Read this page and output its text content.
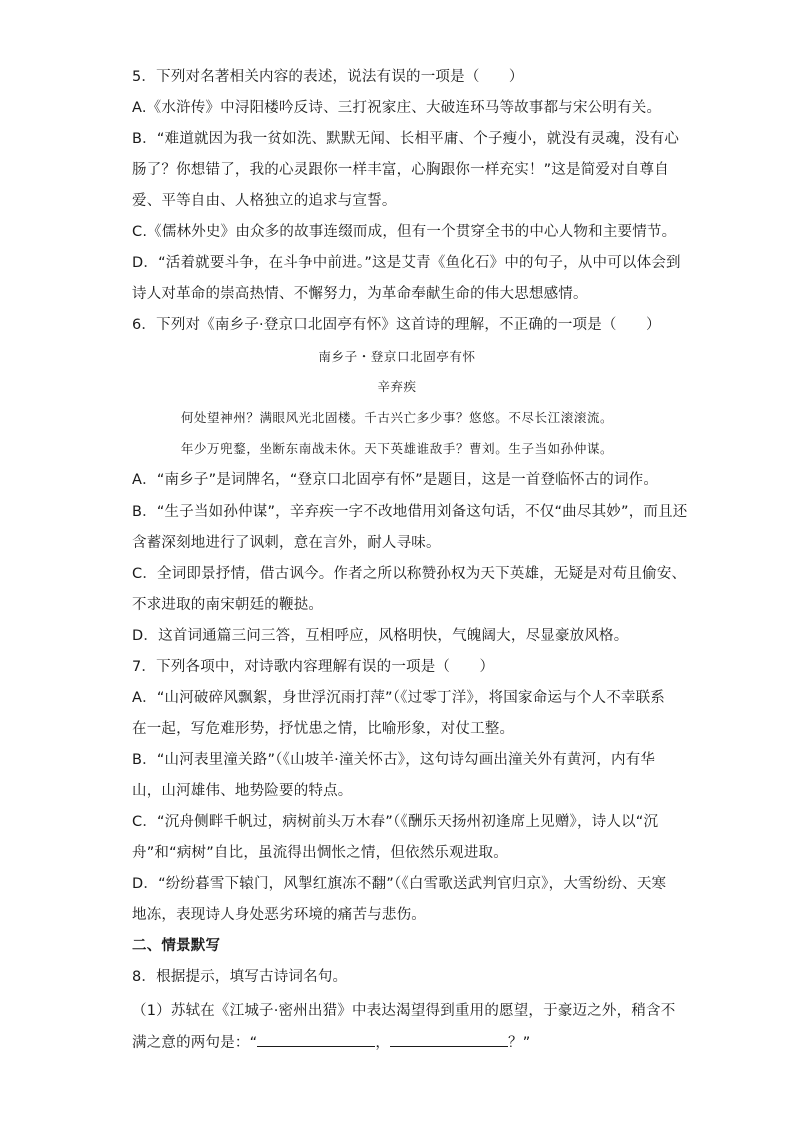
5．下列对名著相关内容的表述，说法有误的一项是（　　）
A.《水浒传》中浔阳楼吟反诗、三打祝家庄、大破连环马等故事都与宋公明有关。
B．“难道就因为我一贫如洗、默默无闻、长相平庸、个子瘦小，就没有灵魂，没有心
肠了？你想错了，我的心灵跟你一样丰富，心胸跟你一样充实！”这是简爱对自尊自
爱、平等自由、人格独立的追求与宣誓。
C.《儒林外史》由众多的故事连缀而成，但有一个贯穿全书的中心人物和主要情节。
D．“活着就要斗争，在斗争中前进。”这是艾青《鱼化石》中的句子，从中可以体会到
诗人对革命的崇高热情、不懈努力，为革命奉献生命的伟大思想感情。
6．下列对《南乡子·登京口北固亭有怀》这首诗的理解，不正确的一项是（　　）
南乡子・登京口北固亭有怀
辛弃疾
何处望神州？满眼风光北固楼。千古兴亡多少事？悠悠。不尽长江滚滚流。
年少万兜鍪，坐断东南战未休。天下英雄谁敌手？曹刘。生子当如孙仲谋。
A．“南乡子”是词牌名，“登京口北固亭有怀”是题目，这是一首登临怀古的词作。
B．“生子当如孙仲谋”，辛弃疾一字不改地借用刘备这句话，不仅“曲尽其妙”，而且还
含蓄深刻地进行了讽刺，意在言外，耐人寻味。
C．全词即景抒情，借古讽今。作者之所以称赞孙权为天下英雄，无疑是对苟且偷安、
不求进取的南宋朝廷的鞭挞。
D．这首词通篇三问三答，互相呼应，风格明快，气魄阔大，尽显豪放风格。
7．下列各项中，对诗歌内容理解有误的一项是（　　）
A．“山河破碎风飘絮，身世浮沉雨打萍”（《过零丁洋》，将国家命运与个人不幸联系
在一起，写危难形势，抒忧患之情，比喻形象，对仗工整。
B．“山河表里潼关路”（《山坡羊·潼关怀古》，这句诗勾画出潼关外有黄河，内有华
山，山河雄伟、地势险要的特点。
C．“沉舟侧畔千帆过，病树前头万木春”（《酬乐天扬州初逢席上见赠》，诗人以“沉
舟”和“病树”自比，虽流得出惆怅之情，但依然乐观进取。
D．“纷纷暮雪下辕门，风掣红旗冻不翻”（《白雪歌送武判官归京》，大雪纷纷、天寒
地冻，表现诗人身处恶劣环境的痛苦与悲伤。
二、情景默写
8．根据提示，填写古诗词名句。
（1）苏轼在《江城子·密州出猎》中表达渴望得到重用的愿望，于豪迈之外，稍含不
满之意的两句是：“	，	？”
